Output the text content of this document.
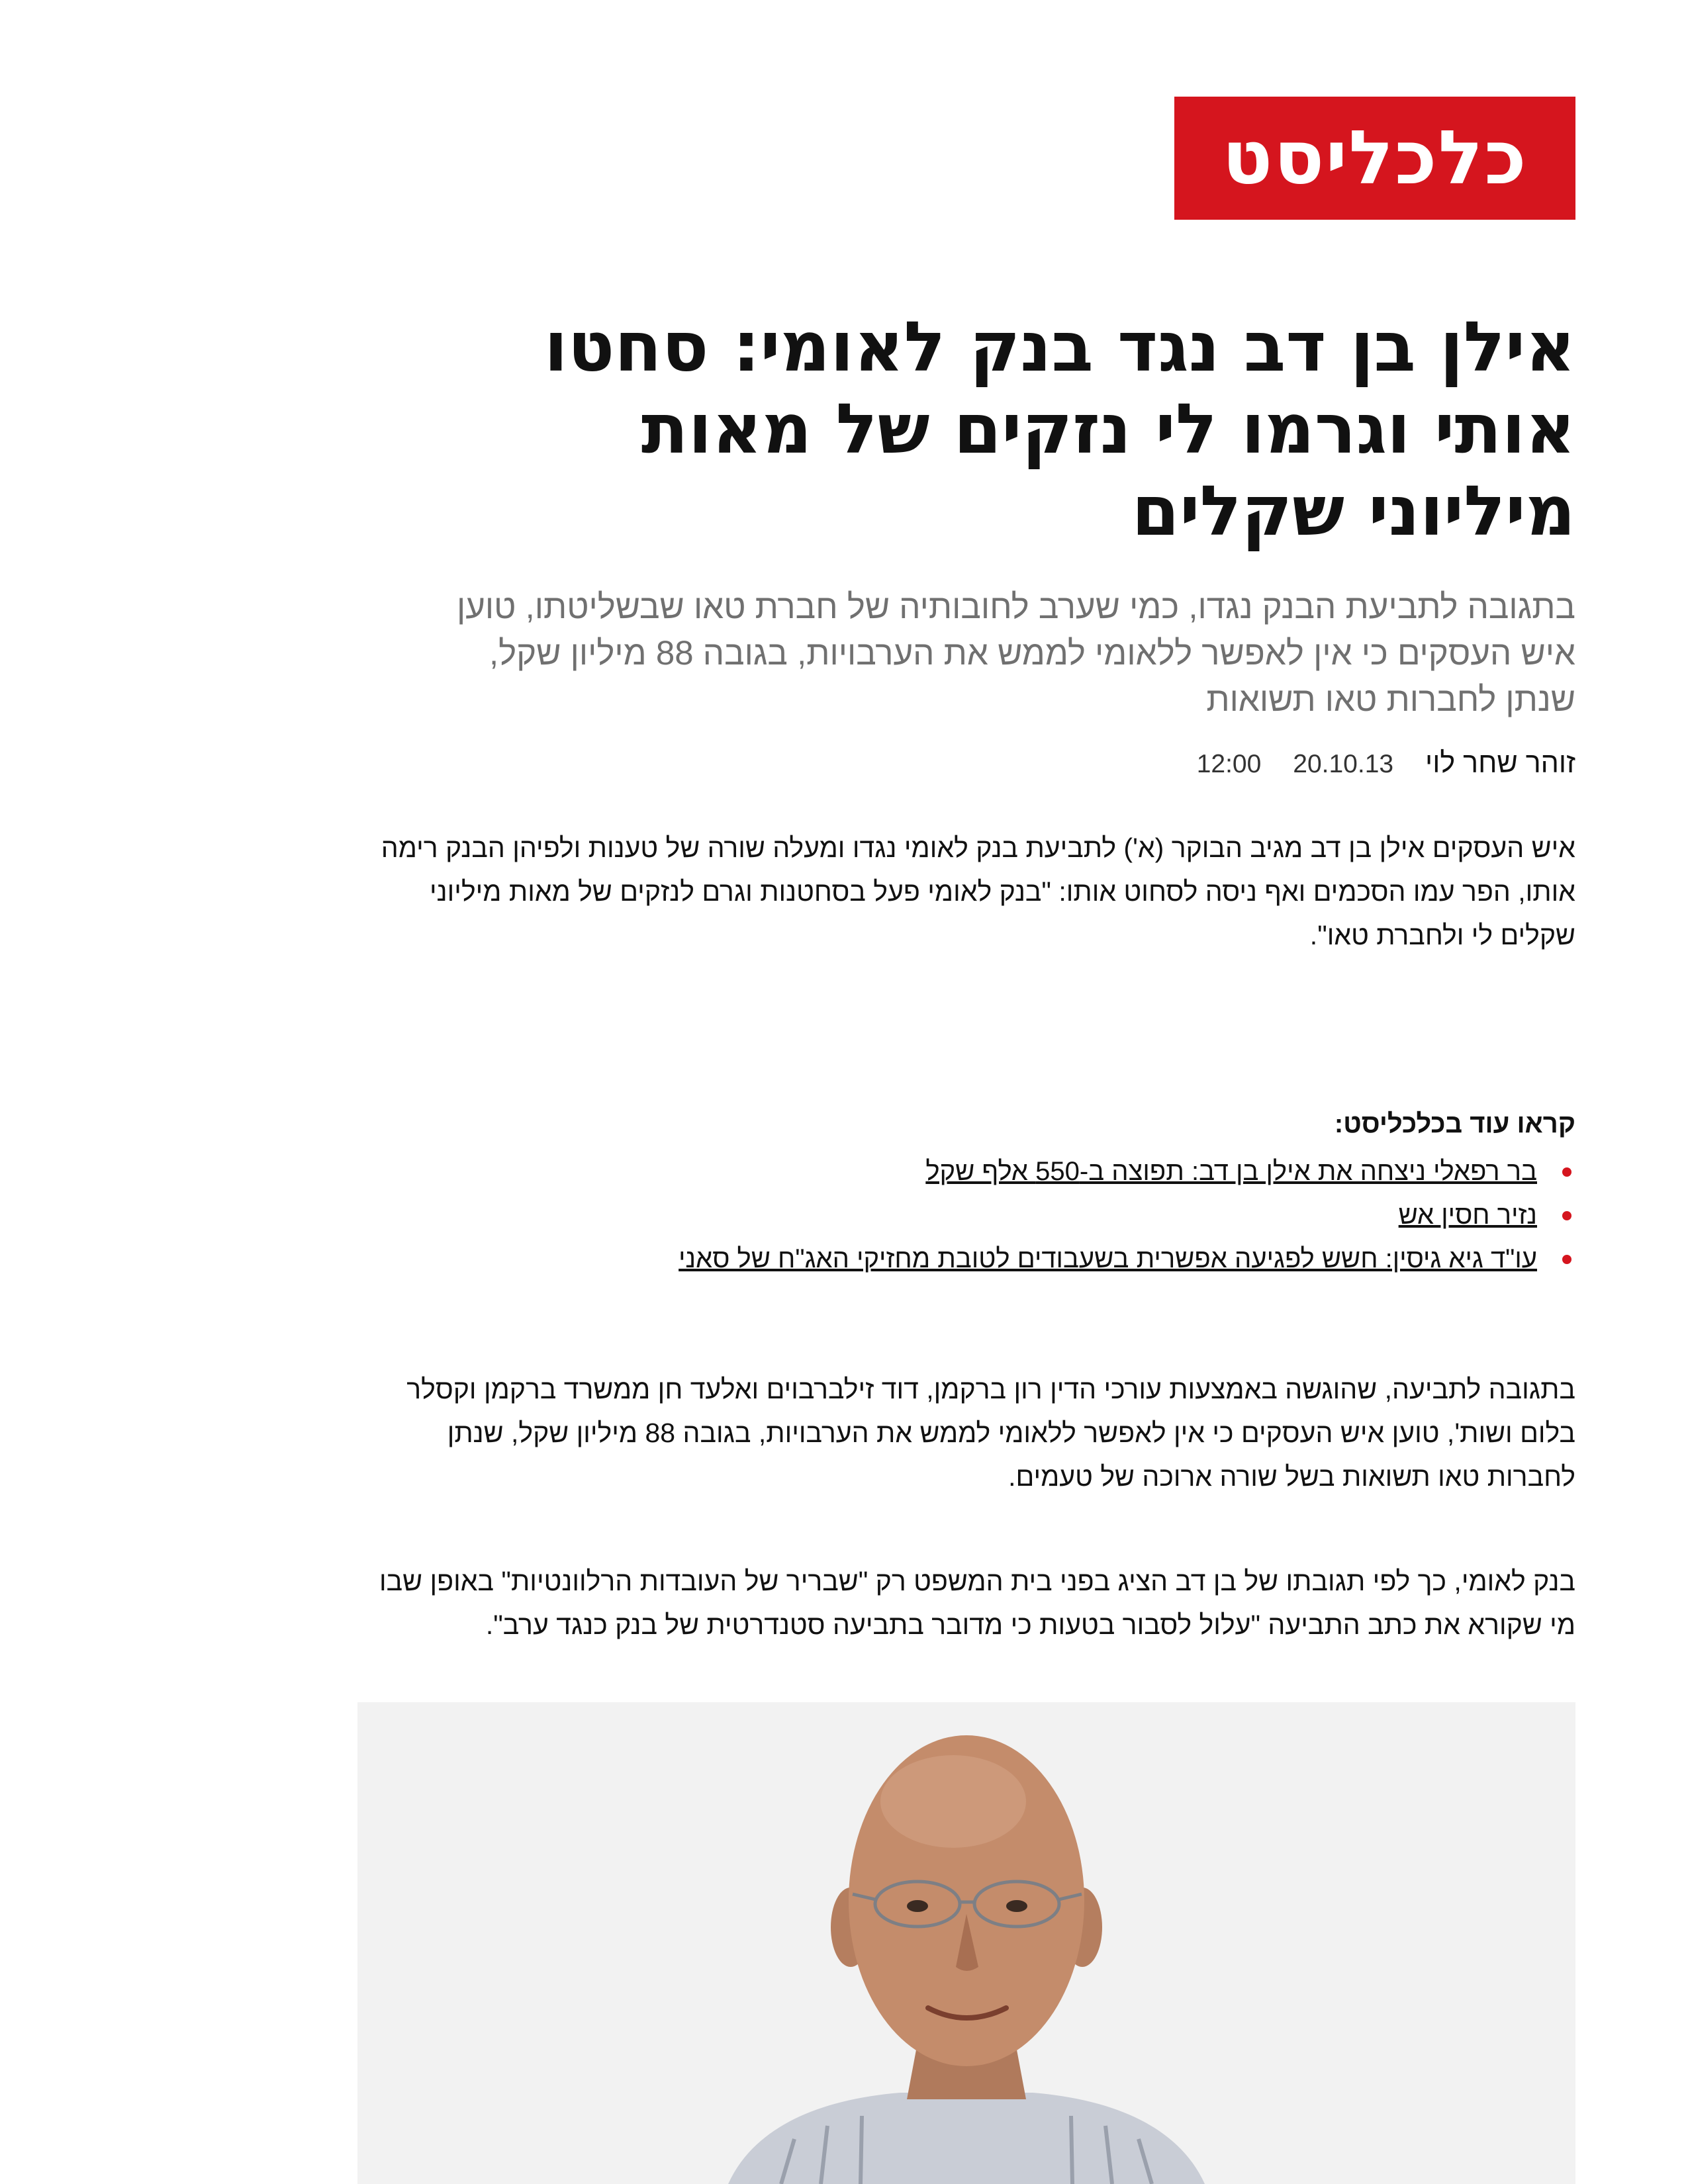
כלכליסט
אילן בן דב נגד בנק לאומי: סחטו אותי וגרמו לי נזקים של מאות מיליוני שקלים

בתגובה לתביעת הבנק נגדו, כמי שערב לחובותיה של חברת טאו שבשליטתו, טוען איש העסקים כי אין לאפשר ללאומי לממש את הערבויות, בגובה 88 מיליון שקל, שנתן לחברות טאו תשואות

זוהר שחר לוי 20.10.13 12:00

איש העסקים אילן בן דב מגיב הבוקר (א') לתביעת בנק לאומי נגדו ומעלה שורה של טענות ולפיהן הבנק רימה אותו, הפר עמו הסכמים ואף ניסה לסחוט אותו: "בנק לאומי פעל בסחטנות וגרם לנזקים של מאות מיליוני שקלים לי ולחברת טאו".

קראו עוד בכלכליסט:
בר רפאלי ניצחה את אילן בן דב: תפוצה ב-550 אלף שקל
נזיר חסין אש
עו"ד גיא גיסין: חשש לפגיעה אפשרית בשעבודים לטובת מחזיקי האג"ח של סאני

בתגובה לתביעה, שהוגשה באמצעות עורכי הדין רון ברקמן, דוד זילברבוים ואלעד חן ממשרד ברקמן וקסלר בלום ושות', טוען איש העסקים כי אין לאפשר ללאומי לממש את הערבויות, בגובה 88 מיליון שקל, שנתן לחברות טאו תשואות בשל שורה ארוכה של טעמים.

בנק לאומי, כך לפי תגובתו של בן דב הציג בפני בית המשפט רק "שבריר של העובדות הרלוונטיות" באופן שבו מי שקורא את כתב התביעה "עלול לסבור בטעות כי מדובר בתביעה סטנדרטית של בנק כנגד ערב".
